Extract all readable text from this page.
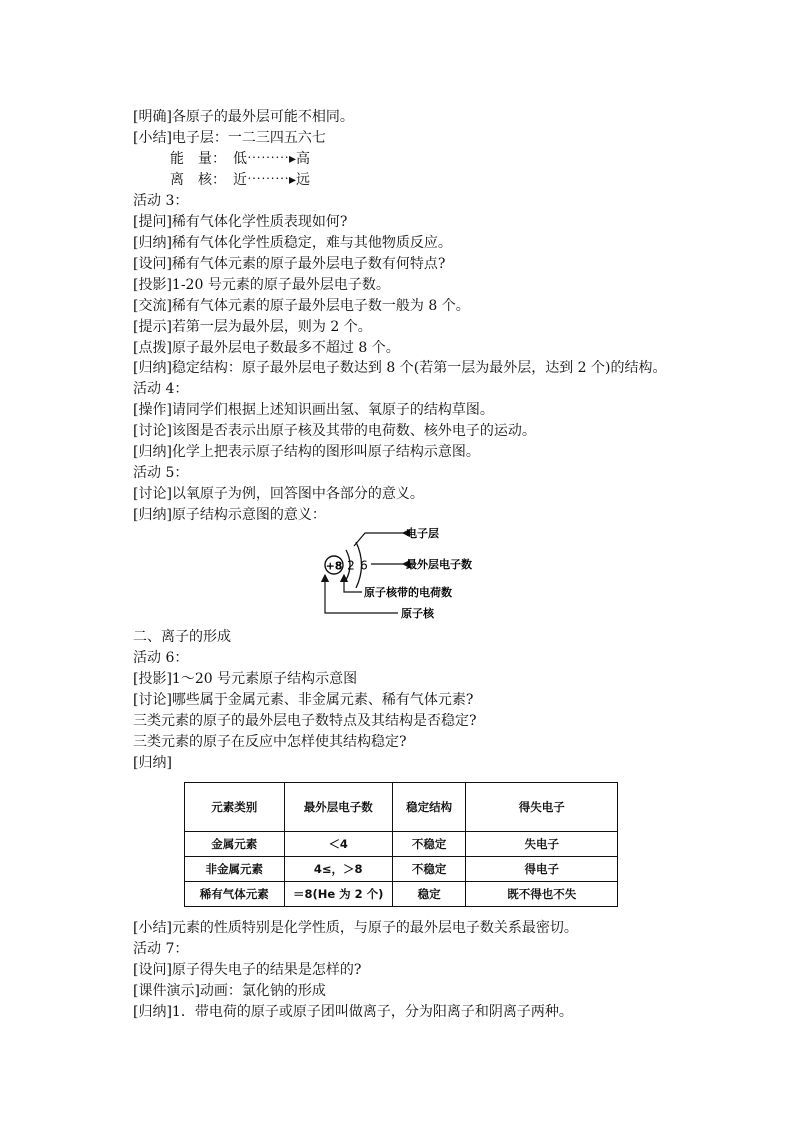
[明确]各原子的最外层可能不相同。
[小结]电子层：一二三四五六七
能　量：　低⋯⋯⋯▸高
离　核：　近⋯⋯⋯▸远
活动 3：
[提问]稀有气体化学性质表现如何?
[归纳]稀有气体化学性质稳定，难与其他物质反应。
[设问]稀有气体元素的原子最外层电子数有何特点?
[投影]1-20 号元素的原子最外层电子数。
[交流]稀有气体元素的原子最外层电子数一般为 8 个。
[提示]若第一层为最外层，则为 2 个。
[点拨]原子最外层电子数最多不超过 8 个。
[归纳]稳定结构：原子最外层电子数达到 8 个(若第一层为最外层，达到 2 个)的结构。
活动 4：
[操作]请同学们根据上述知识画出氢、氧原子的结构草图。
[讨论]该图是否表示出原子核及其带的电荷数、核外电子的运动。
[归纳]化学上把表示原子结构的图形叫原子结构示意图。
活动 5：
[讨论]以氧原子为例，回答图中各部分的意义。
[归纳]原子结构示意图的意义：
+8 2 6
电子层
最外层电子数
原子核带的电荷数
原子核
二、离子的形成
活动 6：
[投影]1～20 号元素原子结构示意图
[讨论]哪些属于金属元素、非金属元素、稀有气体元素?
三类元素的原子的最外层电子数特点及其结构是否稳定?
三类元素的原子在反应中怎样使其结构稳定?
[归纳]
元素类别	最外层电子数	稳定结构	得失电子
金属元素	＜4	不稳定	失电子
非金属元素	4≤，＞8	不稳定	得电子
稀有气体元素	＝8(He 为 2 个)	稳定	既不得也不失
[小结]元素的性质特别是化学性质，与原子的最外层电子数关系最密切。
活动 7：
[设问]原子得失电子的结果是怎样的?
[课件演示]动画：氯化钠的形成
[归纳]1．带电荷的原子或原子团叫做离子，分为阳离子和阴离子两种。
